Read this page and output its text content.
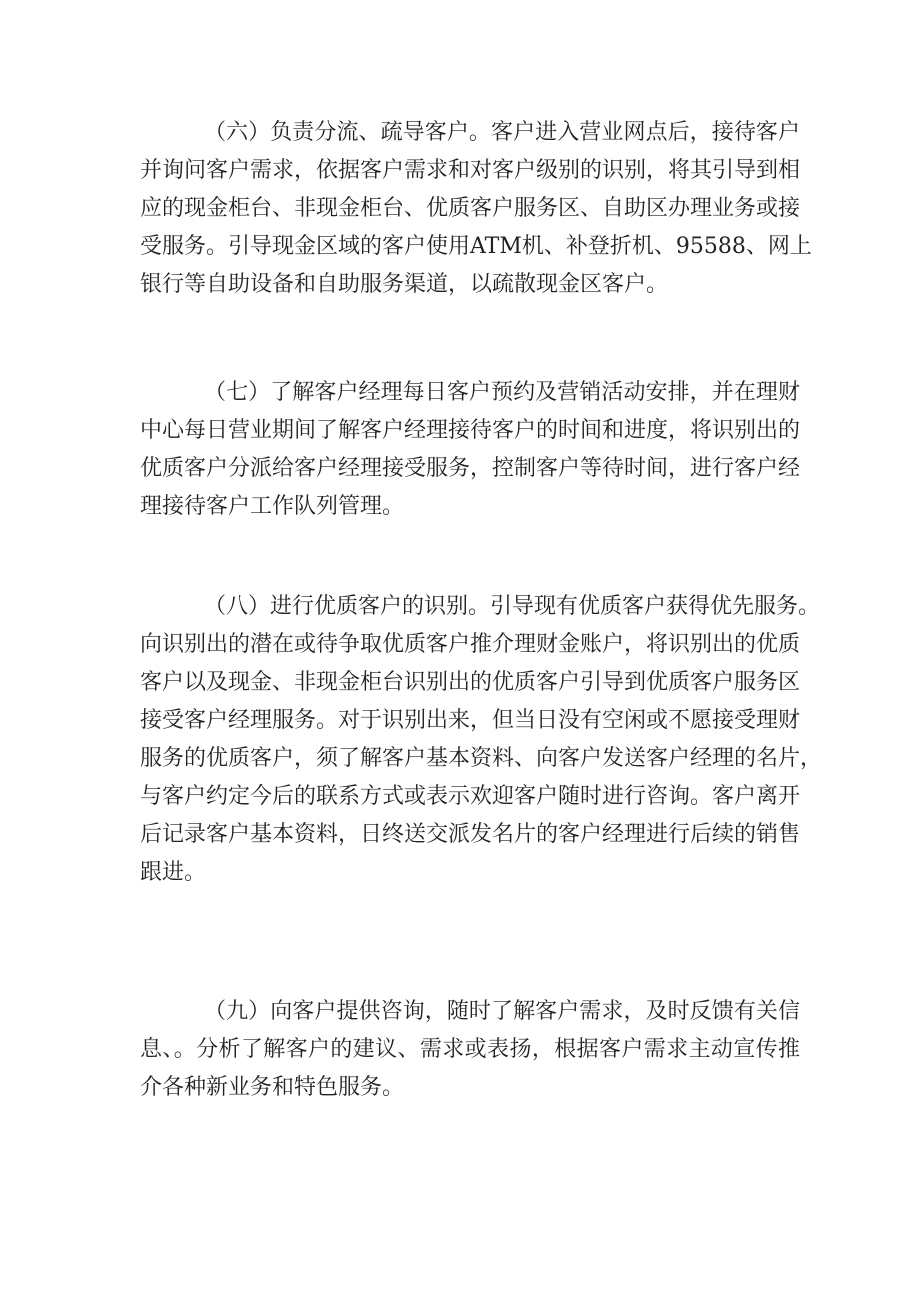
（六）负责分流、疏导客户。客户进入营业网点后，接待客户
并询问客户需求，依据客户需求和对客户级别的识别，将其引导到相
应的现金柜台、非现金柜台、优质客户服务区、自助区办理业务或接
受服务。引导现金区域的客户使用ATM机、补登折机、95588、网上
银行等自助设备和自助服务渠道，以疏散现金区客户。
（七）了解客户经理每日客户预约及营销活动安排，并在理财
中心每日营业期间了解客户经理接待客户的时间和进度，将识别出的
优质客户分派给客户经理接受服务，控制客户等待时间，进行客户经
理接待客户工作队列管理。
（八）进行优质客户的识别。引导现有优质客户获得优先服务。
向识别出的潜在或待争取优质客户推介理财金账户，将识别出的优质
客户以及现金、非现金柜台识别出的优质客户引导到优质客户服务区
接受客户经理服务。对于识别出来，但当日没有空闲或不愿接受理财
服务的优质客户，须了解客户基本资料、向客户发送客户经理的名片，
与客户约定今后的联系方式或表示欢迎客户随时进行咨询。客户离开
后记录客户基本资料，日终送交派发名片的客户经理进行后续的销售
跟进。
（九）向客户提供咨询，随时了解客户需求，及时反馈有关信
息、。分析了解客户的建议、需求或表扬，根据客户需求主动宣传推
介各种新业务和特色服务。
